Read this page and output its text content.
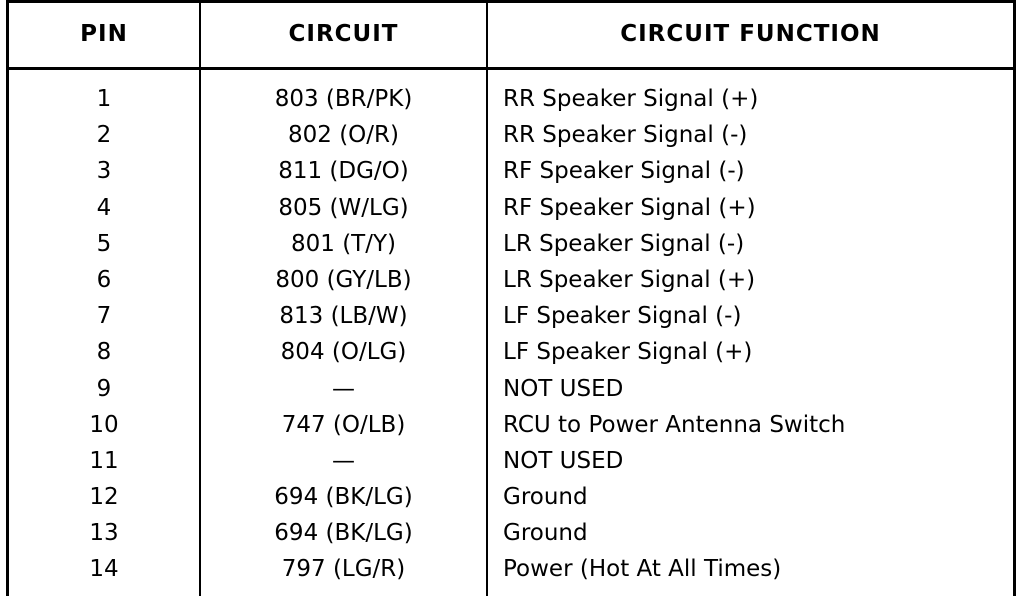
PIN	CIRCUIT	CIRCUIT FUNCTION
1	803 (BR/PK)	RR Speaker Signal (+)
2	802 (O/R)	RR Speaker Signal (-)
3	811 (DG/O)	RF Speaker Signal (-)
4	805 (W/LG)	RF Speaker Signal (+)
5	801 (T/Y)	LR Speaker Signal (-)
6	800 (GY/LB)	LR Speaker Signal (+)
7	813 (LB/W)	LF Speaker Signal (-)
8	804 (O/LG)	LF Speaker Signal (+)
9	—	NOT USED
10	747 (O/LB)	RCU to Power Antenna Switch
11	—	NOT USED
12	694 (BK/LG)	Ground
13	694 (BK/LG)	Ground
14	797 (LG/R)	Power (Hot At All Times)
